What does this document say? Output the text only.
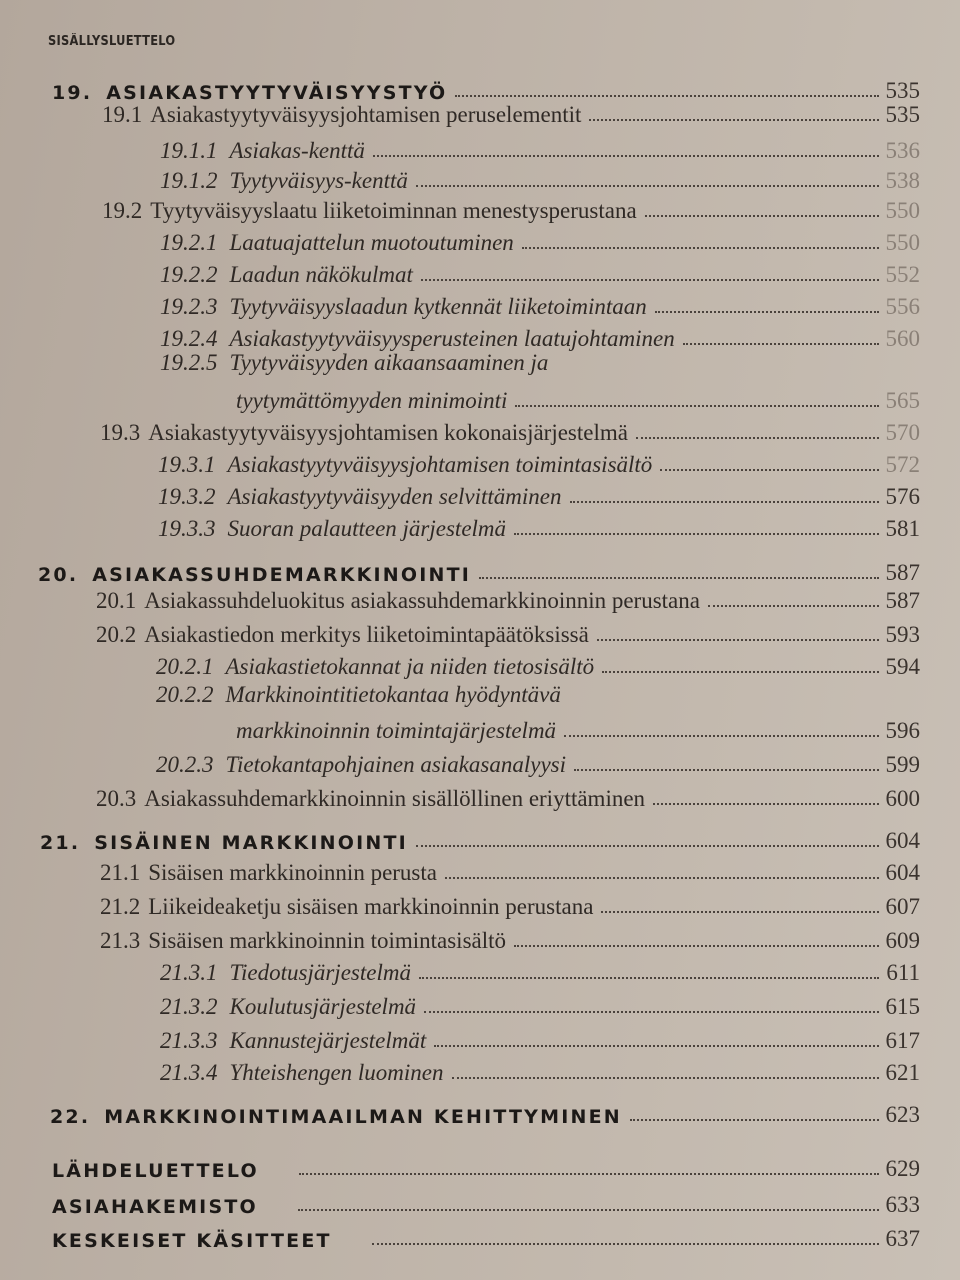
SISÄLLYSLUETTELO
19. ASIAKASTYYTYVÄISYYSTYÖ	535
19.1 Asiakastyytyväisyysjohtamisen peruselementit	535
19.1.1 Asiakas-kenttä	536
19.1.2 Tyytyväisyys-kenttä	538
19.2 Tyytyväisyyslaatu liiketoiminnan menestysperustana	550
19.2.1 Laatuajattelun muotoutuminen	550
19.2.2 Laadun näkökulmat	552
19.2.3 Tyytyväisyyslaadun kytkennät liiketoimintaan	556
19.2.4 Asiakastyytyväisyysperusteinen laatujohtaminen	560
19.2.5 Tyytyväisyyden aikaansaaminen ja
tyytymättömyyden minimointi	565
19.3 Asiakastyytyväisyysjohtamisen kokonaisjärjestelmä	570
19.3.1 Asiakastyytyväisyysjohtamisen toimintasisältö	572
19.3.2 Asiakastyytyväisyyden selvittäminen	576
19.3.3 Suoran palautteen järjestelmä	581
20. ASIAKASSUHDEMARKKINOINTI	587
20.1 Asiakassuhdeluokitus asiakassuhdemarkkinoinnin perustana	587
20.2 Asiakastiedon merkitys liiketoimintapäätöksissä	593
20.2.1 Asiakastietokannat ja niiden tietosisältö	594
20.2.2 Markkinointitietokantaa hyödyntävä
markkinoinnin toimintajärjestelmä	596
20.2.3 Tietokantapohjainen asiakasanalyysi	599
20.3 Asiakassuhdemarkkinoinnin sisällöllinen eriyttäminen	600
21. SISÄINEN MARKKINOINTI	604
21.1 Sisäisen markkinoinnin perusta	604
21.2 Liikeideaketju sisäisen markkinoinnin perustana	607
21.3 Sisäisen markkinoinnin toimintasisältö	609
21.3.1 Tiedotusjärjestelmä	611
21.3.2 Koulutusjärjestelmä	615
21.3.3 Kannustejärjestelmät	617
21.3.4 Yhteishengen luominen	621
22. MARKKINOINTIMAAILMAN KEHITTYMINEN	623
LÄHDELUETTELO	629
ASIAHAKEMISTO	633
KESKEISET KÄSITTEET	637
